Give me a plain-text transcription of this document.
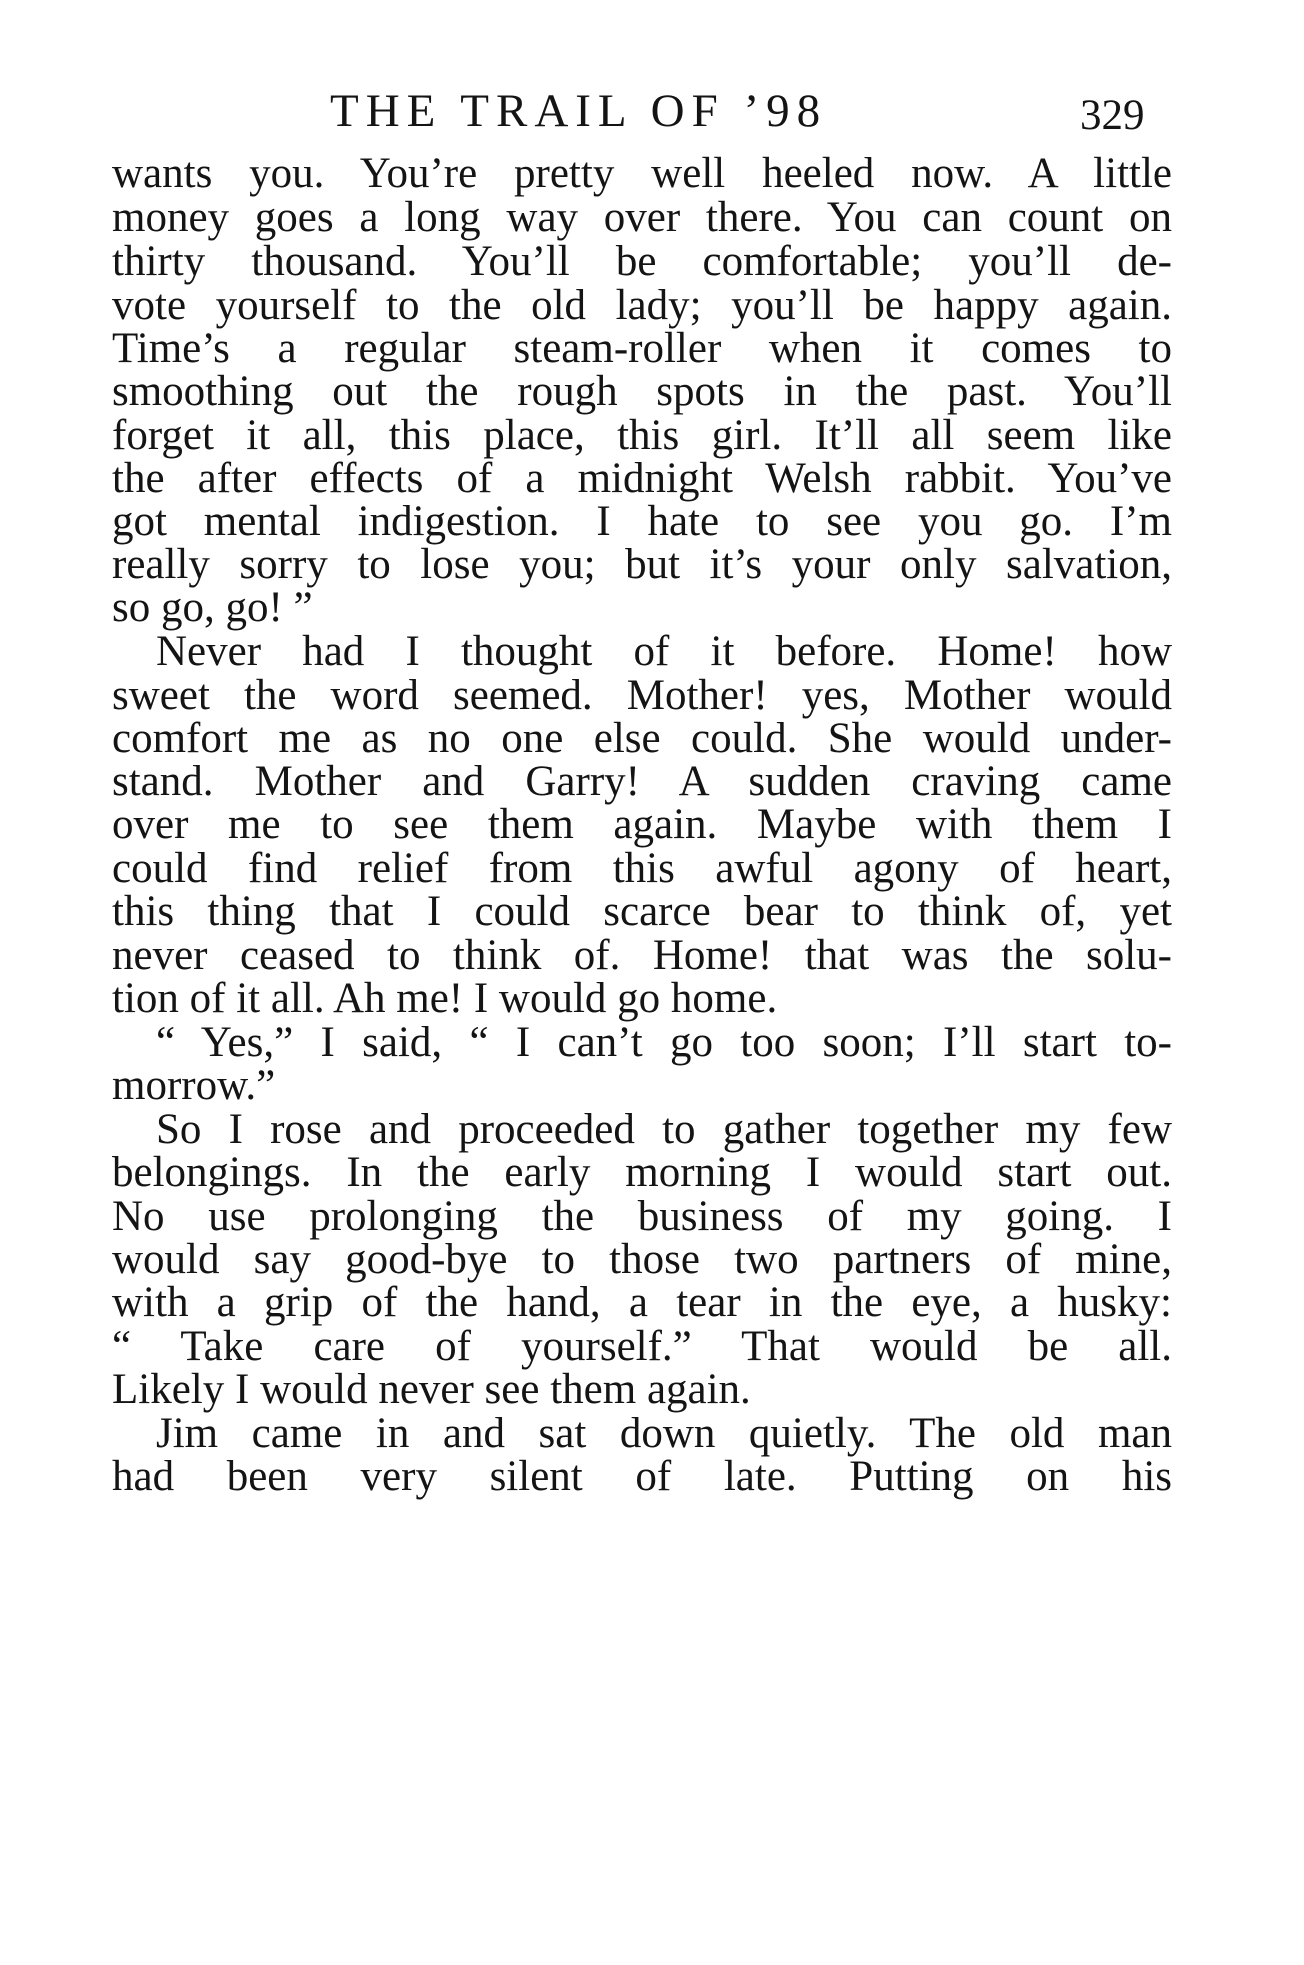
THE TRAIL OF ’98	329
wants you. You’re pretty well heeled now. A little
money goes a long way over there. You can count on
thirty thousand. You’ll be comfortable; you’ll de-
vote yourself to the old lady; you’ll be happy again.
Time’s a regular steam-roller when it comes to
smoothing out the rough spots in the past. You’ll
forget it all, this place, this girl. It’ll all seem like
the after effects of a midnight Welsh rabbit. You’ve
got mental indigestion. I hate to see you go. I’m
really sorry to lose you; but it’s your only salvation,
so go, go! ”
Never had I thought of it before. Home! how
sweet the word seemed. Mother! yes, Mother would
comfort me as no one else could. She would under-
stand. Mother and Garry! A sudden craving came
over me to see them again. Maybe with them I
could find relief from this awful agony of heart,
this thing that I could scarce bear to think of, yet
never ceased to think of. Home! that was the solu-
tion of it all. Ah me! I would go home.
“ Yes,” I said, “ I can’t go too soon; I’ll start to-
morrow.”
So I rose and proceeded to gather together my few
belongings. In the early morning I would start out.
No use prolonging the business of my going. I
would say good-bye to those two partners of mine,
with a grip of the hand, a tear in the eye, a husky:
“ Take care of yourself.” That would be all.
Likely I would never see them again.
Jim came in and sat down quietly. The old man
had been very silent of late. Putting on his
